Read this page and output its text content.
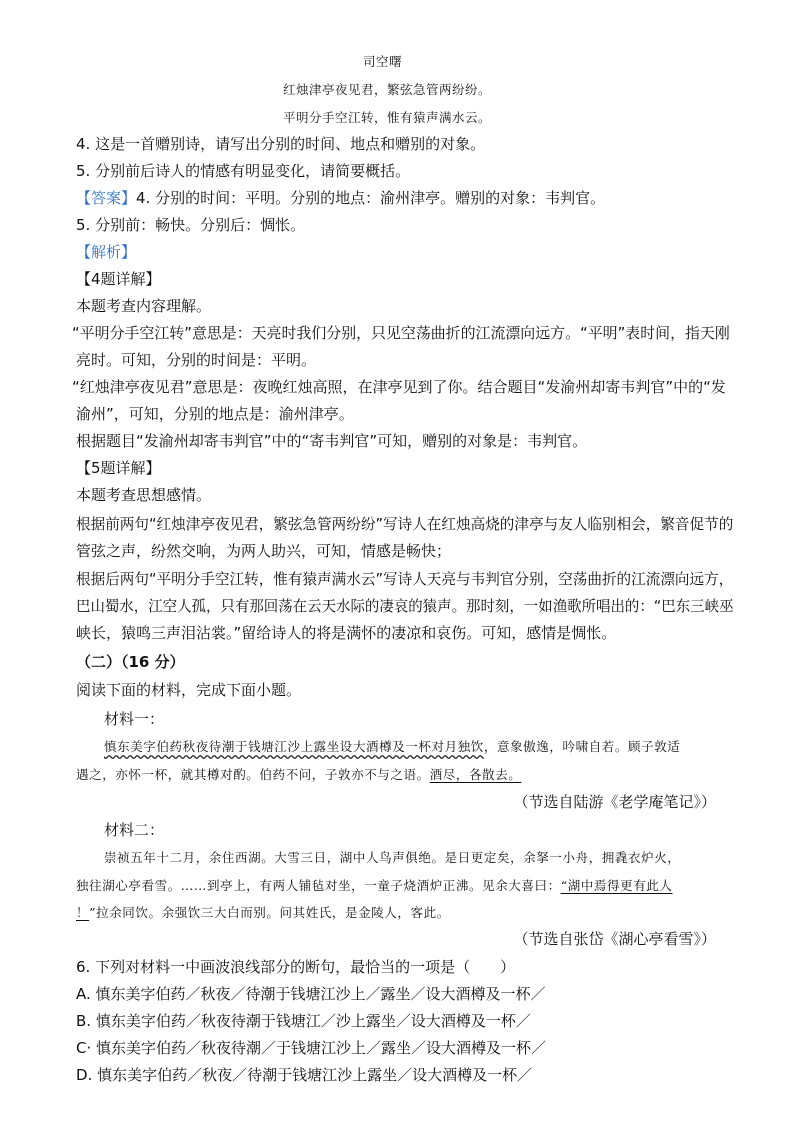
司空曙
红烛津亭夜见君，繁弦急管两纷纷。
平明分手空江转，惟有猿声满水云。
4. 这是一首赠别诗，请写出分别的时间、地点和赠别的对象。
5. 分别前后诗人的情感有明显变化，请简要概括。
【答案】4. 分别的时间：平明。分别的地点：渝州津亭。赠别的对象：韦判官。
5. 分别前：畅快。分别后：惆怅。
【解析】
【4题详解】
本题考查内容理解。
“平明分手空江转”意思是：天亮时我们分别，只见空荡曲折的江流漂向远方。“平明”表时间，指天刚
亮时。可知，分别的时间是：平明。
“红烛津亭夜见君”意思是：夜晚红烛高照，在津亭见到了你。结合题目“发渝州却寄韦判官”中的“发
渝州”，可知，分别的地点是：渝州津亭。
根据题目“发渝州却寄韦判官”中的“寄韦判官”可知，赠别的对象是：韦判官。
【5题详解】
本题考查思想感情。
根据前两句“红烛津亭夜见君，繁弦急管两纷纷”写诗人在红烛高烧的津亭与友人临别相会，繁音促节的
管弦之声，纷然交响，为两人助兴，可知，情感是畅快；
根据后两句“平明分手空江转，惟有猿声满水云”写诗人天亮与韦判官分别，空荡曲折的江流漂向远方，
巴山蜀水，江空人孤，只有那回荡在云天水际的凄哀的猿声。那时刻，一如渔歌所唱出的：“巴东三峡巫
峡长，猿鸣三声泪沾裳。”留给诗人的将是满怀的凄凉和哀伤。可知，感情是惆怅。
（二）（16 分）
阅读下面的材料，完成下面小题。
材料一：
慎东美字伯药秋夜待潮于钱塘江沙上露坐设大酒樽及一杯对月独饮，意象傲逸，吟啸自若。顾子敦适
遇之，亦怀一杯，就其樽对酌。伯药不问，子敦亦不与之语。酒尽，各散去。
（节选自陆游《老学庵笔记》）
材料二：
崇祯五年十二月，余住西湖。大雪三日，湖中人鸟声俱绝。是日更定矣，余拏一小舟，拥毳衣炉火，
独往湖心亭看雪。……到亭上，有两人铺毡对坐，一童子烧酒炉正沸。见余大喜曰：“湖中焉得更有此人
！”拉余同饮。余强饮三大白而别。问其姓氏，是金陵人，客此。
（节选自张岱《湖心亭看雪》）
6. 下列对材料一中画波浪线部分的断句，最恰当的一项是（　　）
A. 慎东美字伯药／秋夜／待潮于钱塘江沙上／露坐／设大酒樽及一杯／
B. 慎东美字伯药／秋夜待潮于钱塘江／沙上露坐／设大酒樽及一杯／
C· 慎东美字伯药／秋夜待潮／于钱塘江沙上／露坐／设大酒樽及一杯／
D. 慎东美字伯药／秋夜／待潮于钱塘江沙上露坐／设大酒樽及一杯／
